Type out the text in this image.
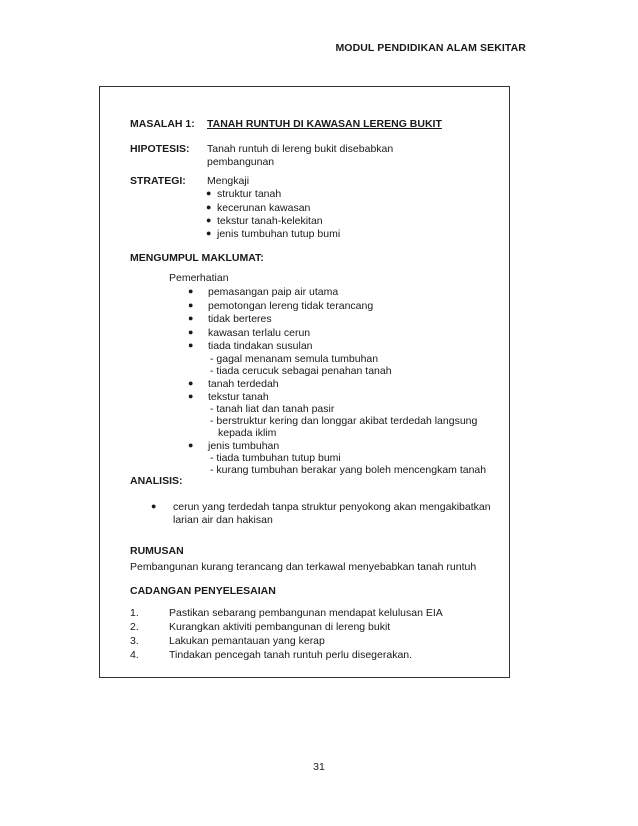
MODUL PENDIDIKAN ALAM SEKITAR
MASALAH 1: TANAH RUNTUH DI KAWASAN LERENG BUKIT
HIPOTESIS: Tanah runtuh di lereng bukit disebabkan
pembangunan
STRATEGI: Mengkaji
● struktur tanah
● kecerunan kawasan
● tekstur tanah-kelekitan
● jenis tumbuhan tutup bumi
MENGUMPUL MAKLUMAT:
Pemerhatian
● pemasangan paip air utama
● pemotongan lereng tidak terancang
● tidak berteres
● kawasan terlalu cerun
● tiada tindakan susulan
- gagal menanam semula tumbuhan
- tiada cerucuk sebagai penahan tanah
● tanah terdedah
● tekstur tanah
- tanah liat dan tanah pasir
- berstruktur kering dan longgar akibat terdedah langsung
kepada iklim
● jenis tumbuhan
- tiada tumbuhan tutup bumi
- kurang tumbuhan berakar yang boleh mencengkam tanah
ANALISIS:
● cerun yang terdedah tanpa struktur penyokong akan mengakibatkan
larian air dan hakisan
RUMUSAN
Pembangunan kurang terancang dan terkawal menyebabkan tanah runtuh
CADANGAN PENYELESAIAN
1.	Pastikan sebarang pembangunan mendapat kelulusan EIA
2.	Kurangkan aktiviti pembangunan di lereng bukit
3.	Lakukan pemantauan yang kerap
4.	Tindakan pencegah tanah runtuh perlu disegerakan.
31
